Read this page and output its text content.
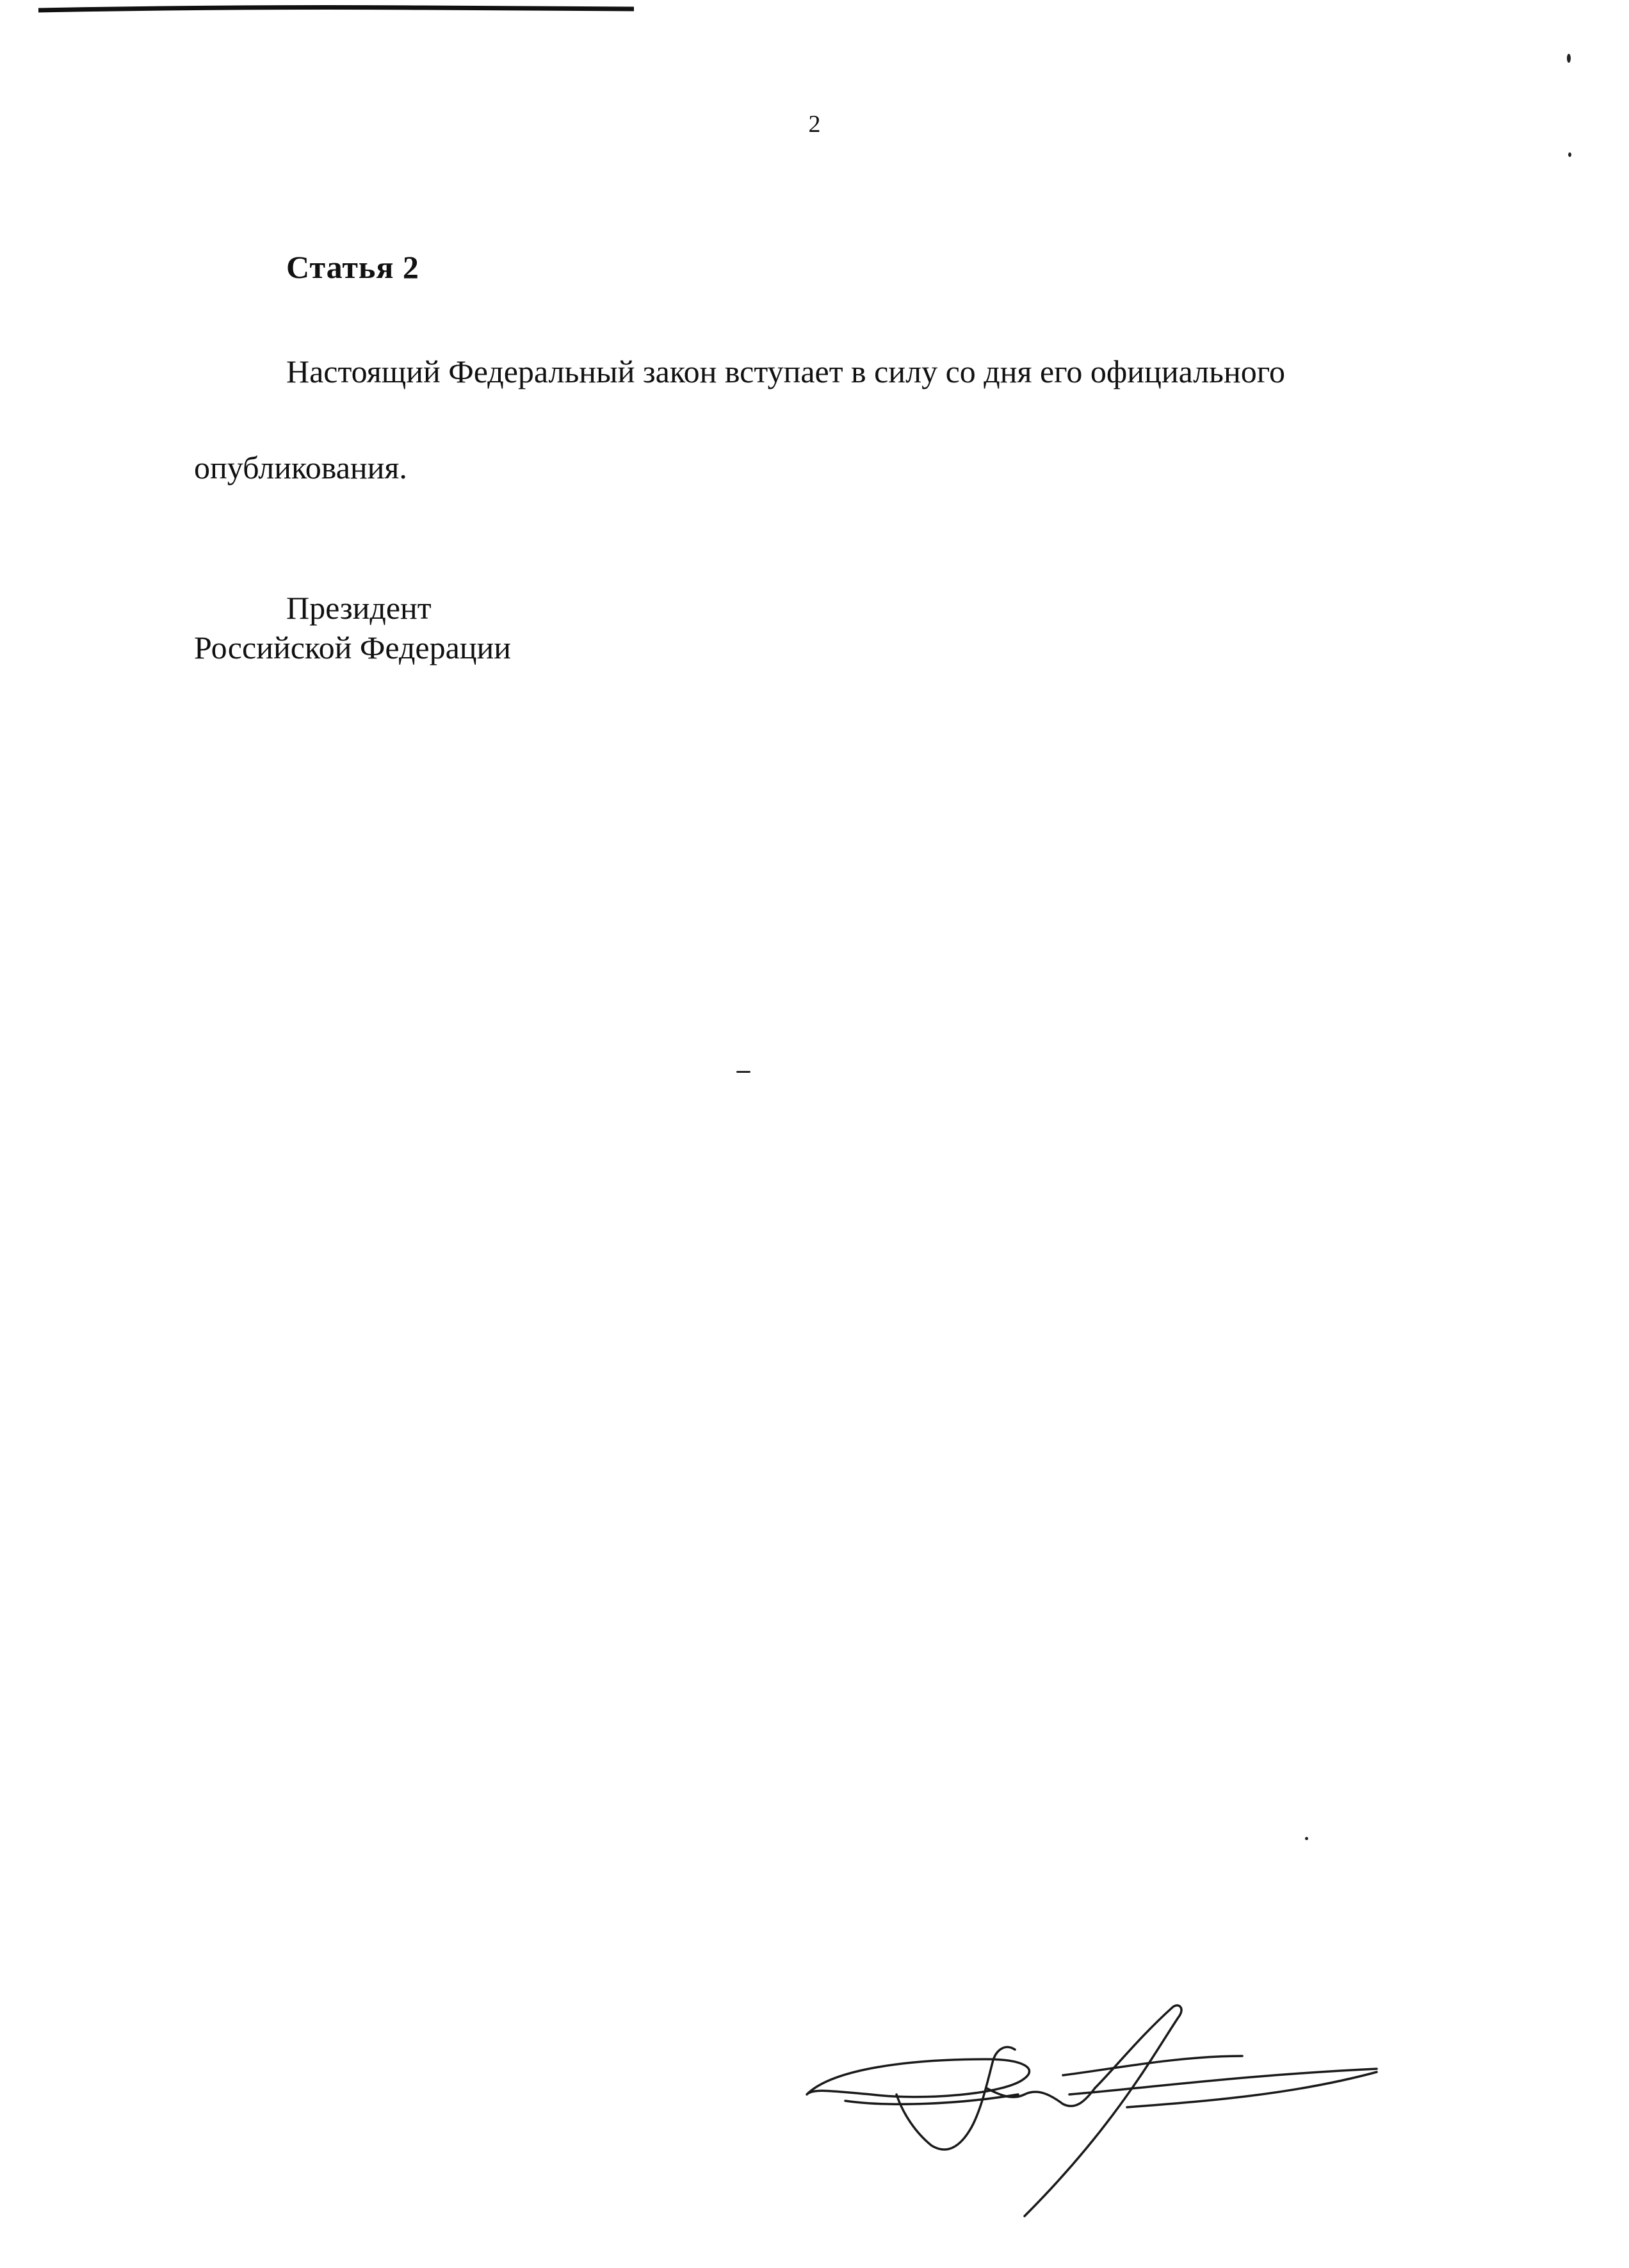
2
Статья 2
Настоящий Федеральный закон вступает в силу со дня его официального
опубликования.
Президент
Российской Федерации
